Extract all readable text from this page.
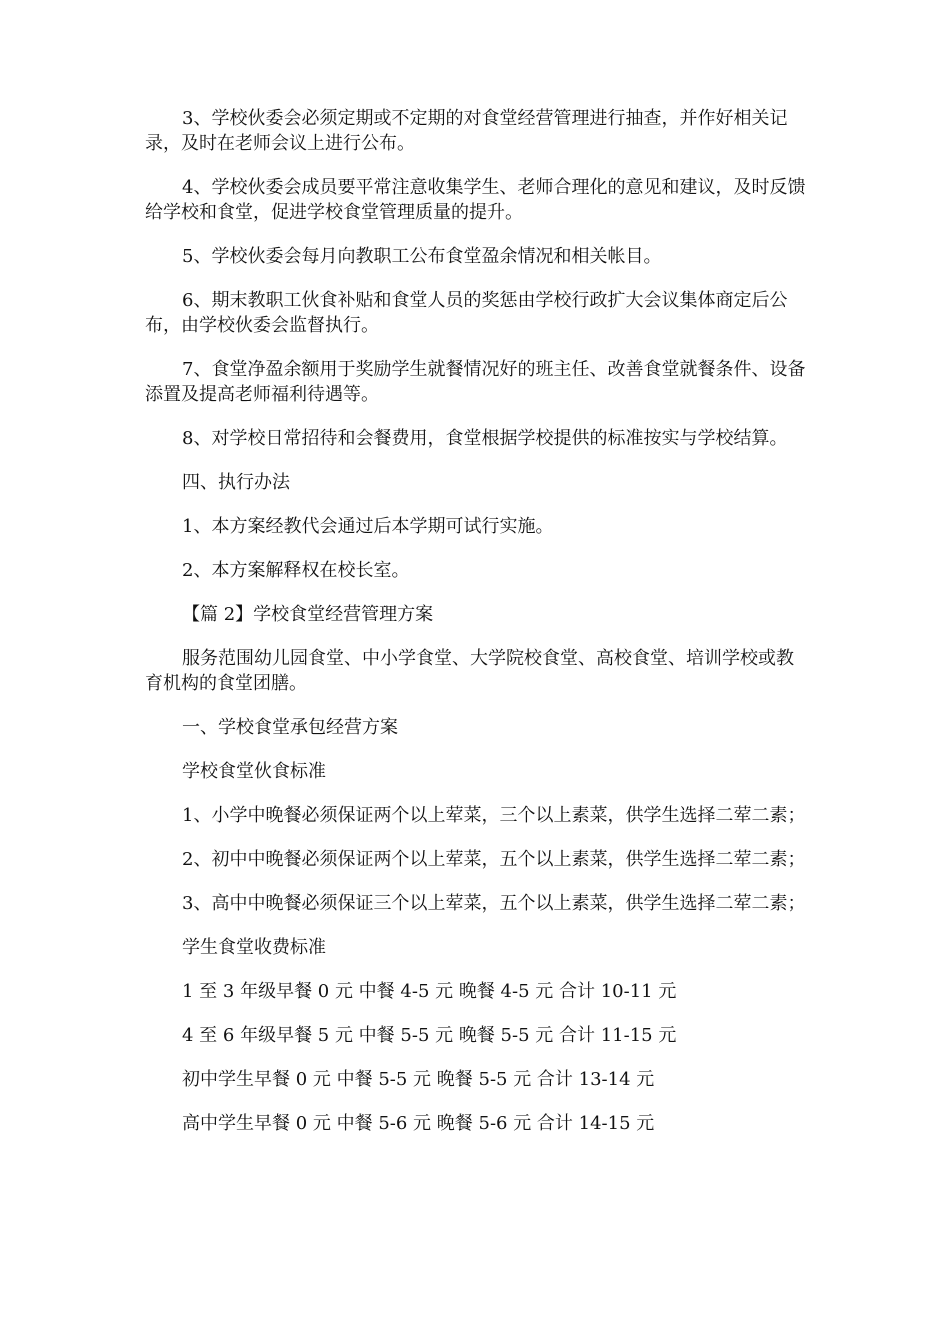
3、学校伙委会必须定期或不定期的对食堂经营管理进行抽查，并作好相关记录，及时在老师会议上进行公布。

4、学校伙委会成员要平常注意收集学生、老师合理化的意见和建议，及时反馈给学校和食堂，促进学校食堂管理质量的提升。

5、学校伙委会每月向教职工公布食堂盈余情况和相关帐目。

6、期末教职工伙食补贴和食堂人员的奖惩由学校行政扩大会议集体商定后公布，由学校伙委会监督执行。

7、食堂净盈余额用于奖励学生就餐情况好的班主任、改善食堂就餐条件、设备添置及提高老师福利待遇等。

8、对学校日常招待和会餐费用，食堂根据学校提供的标准按实与学校结算。

四、执行办法

1、本方案经教代会通过后本学期可试行实施。

2、本方案解释权在校长室。

【篇 2】学校食堂经营管理方案

服务范围幼儿园食堂、中小学食堂、大学院校食堂、高校食堂、培训学校或教育机构的食堂团膳。

一、学校食堂承包经营方案

学校食堂伙食标准

1、小学中晚餐必须保证两个以上荤菜，三个以上素菜，供学生选择二荤二素；

2、初中中晚餐必须保证两个以上荤菜，五个以上素菜，供学生选择二荤二素；

3、高中中晚餐必须保证三个以上荤菜，五个以上素菜，供学生选择二荤二素；

学生食堂收费标准

1 至 3 年级早餐 0 元 中餐 4-5 元 晚餐 4-5 元 合计 10-11 元

4 至 6 年级早餐 5 元 中餐 5-5 元 晚餐 5-5 元 合计 11-15 元

初中学生早餐 0 元 中餐 5-5 元 晚餐 5-5 元 合计 13-14 元

高中学生早餐 0 元 中餐 5-6 元 晚餐 5-6 元 合计 14-15 元
